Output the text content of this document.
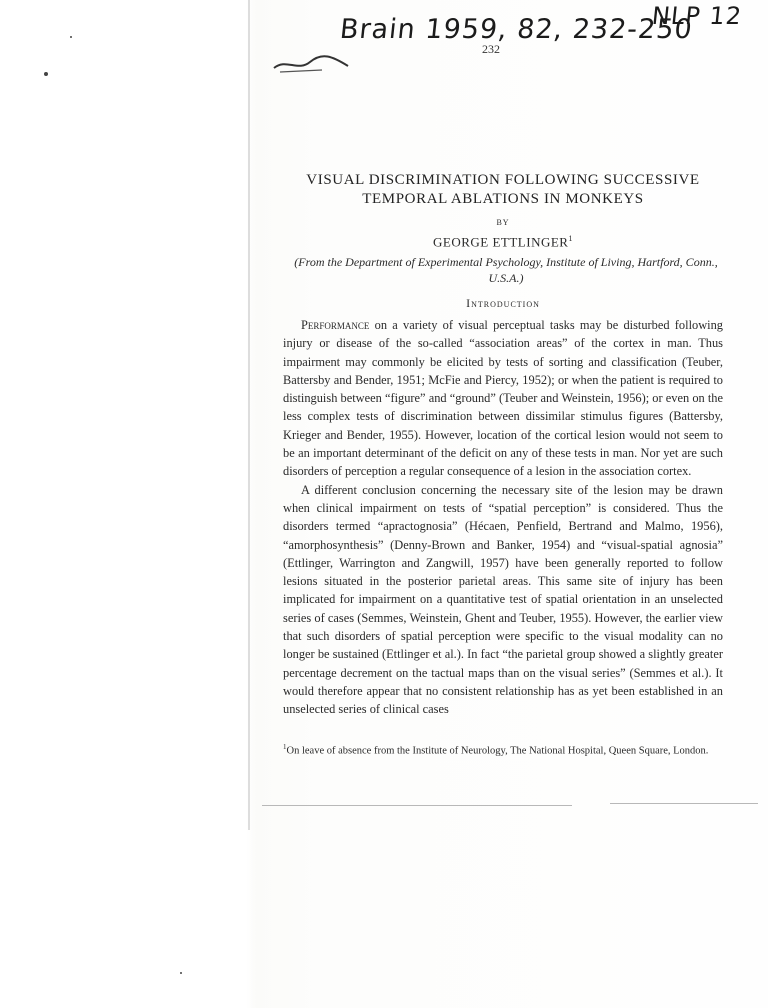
Brain 1959, 82, 232-250
NLP 12
232
VISUAL DISCRIMINATION FOLLOWING SUCCESSIVE
TEMPORAL ABLATIONS IN MONKEYS
BY
GEORGE ETTLINGER$^1$
(From the Department of Experimental Psychology, Institute of Living, Hartford, Conn., U.S.A.)
Introduction

Performance on a variety of visual perceptual tasks may be disturbed following injury or disease of the so-called “association areas” of the cortex in man. Thus impairment may commonly be elicited by tests of sorting and classification (Teuber, Battersby and Bender, 1951; McFie and Piercy, 1952); or when the patient is required to distinguish between “figure” and “ground” (Teuber and Weinstein, 1956); or even on the less complex tests of discrimination between dissimilar stimulus figures (Battersby, Krieger and Bender, 1955). However, location of the cortical lesion would not seem to be an important determinant of the deficit on any of these tests in man. Nor yet are such disorders of perception a regular consequence of a lesion in the association cortex.

A different conclusion concerning the necessary site of the lesion may be drawn when clinical impairment on tests of “spatial perception” is considered. Thus the disorders termed “apractognosia” (Hécaen, Penfield, Bertrand and Malmo, 1956), “amorphosynthesis” (Denny-Brown and Banker, 1954) and “visual-spatial agnosia” (Ettlinger, Warrington and Zangwill, 1957) have been generally reported to follow lesions situated in the posterior parietal areas. This same site of injury has been implicated for impairment on a quantitative test of spatial orientation in an unselected series of cases (Semmes, Weinstein, Ghent and Teuber, 1955). However, the earlier view that such disorders of spatial perception were specific to the visual modality can no longer be sustained (Ettlinger et al.). In fact “the parietal group showed a slightly greater percentage decrement on the tactual maps than on the visual series” (Semmes et al.). It would therefore appear that no consistent relationship has as yet been established in an unselected series of clinical cases

$^1$On leave of absence from the Institute of Neurology, The National Hospital, Queen Square, London.
